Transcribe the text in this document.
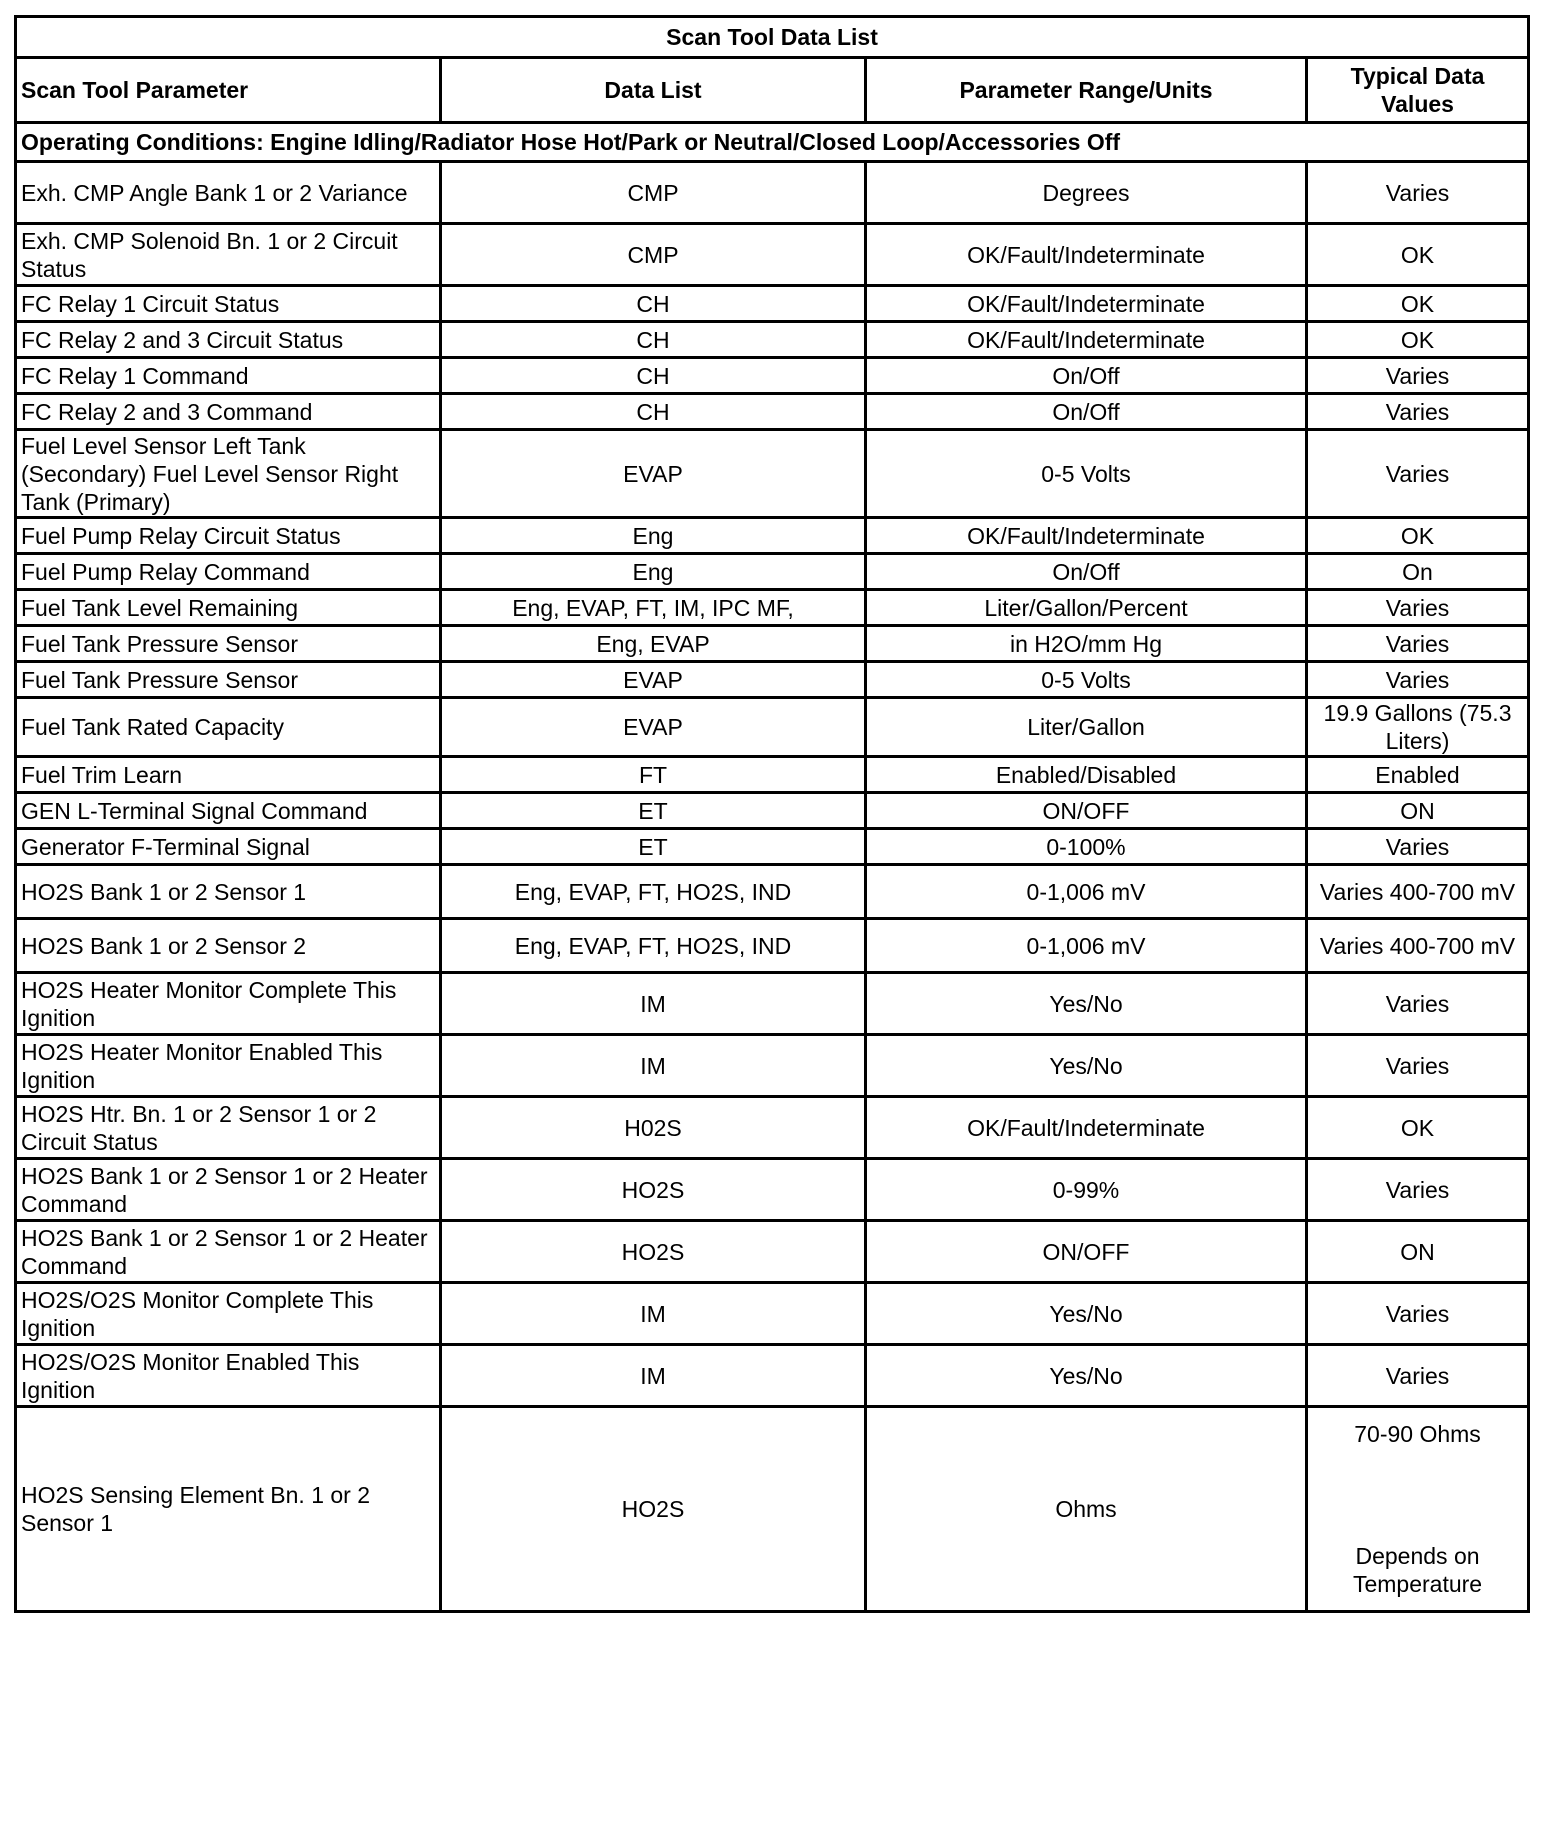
Scan Tool Data List			
Scan Tool Parameter	Data List	Parameter Range/Units	Typical Data Values
Operating Conditions: Engine Idling/Radiator Hose Hot/Park or Neutral/Closed Loop/Accessories Off			
Exh. CMP Angle Bank 1 or 2 Variance	CMP	Degrees	Varies
Exh. CMP Solenoid Bn. 1 or 2 Circuit Status	CMP	OK/Fault/Indeterminate	OK
FC Relay 1 Circuit Status	CH	OK/Fault/Indeterminate	OK
FC Relay 2 and 3 Circuit Status	CH	OK/Fault/Indeterminate	OK
FC Relay 1 Command	CH	On/Off	Varies
FC Relay 2 and 3 Command	CH	On/Off	Varies
Fuel Level Sensor Left Tank (Secondary) Fuel Level Sensor Right Tank (Primary)	EVAP	0-5 Volts	Varies
Fuel Pump Relay Circuit Status	Eng	OK/Fault/Indeterminate	OK
Fuel Pump Relay Command	Eng	On/Off	On
Fuel Tank Level Remaining	Eng, EVAP, FT, IM, IPC MF,	Liter/Gallon/Percent	Varies
Fuel Tank Pressure Sensor	Eng, EVAP	in H2O/mm Hg	Varies
Fuel Tank Pressure Sensor	EVAP	0-5 Volts	Varies
Fuel Tank Rated Capacity	EVAP	Liter/Gallon	19.9 Gallons (75.3 Liters)
Fuel Trim Learn	FT	Enabled/Disabled	Enabled
GEN L-Terminal Signal Command	ET	ON/OFF	ON
Generator F-Terminal Signal	ET	0-100%	Varies
HO2S Bank 1 or 2 Sensor 1	Eng, EVAP, FT, HO2S, IND	0-1,006 mV	Varies 400-700 mV
HO2S Bank 1 or 2 Sensor 2	Eng, EVAP, FT, HO2S, IND	0-1,006 mV	Varies 400-700 mV
HO2S Heater Monitor Complete This Ignition	IM	Yes/No	Varies
HO2S Heater Monitor Enabled This Ignition	IM	Yes/No	Varies
HO2S Htr. Bn. 1 or 2 Sensor 1 or 2 Circuit Status	H02S	OK/Fault/Indeterminate	OK
HO2S Bank 1 or 2 Sensor 1 or 2 Heater Command	HO2S	0-99%	Varies
HO2S Bank 1 or 2 Sensor 1 or 2 Heater Command	HO2S	ON/OFF	ON
HO2S/O2S Monitor Complete This Ignition	IM	Yes/No	Varies
HO2S/O2S Monitor Enabled This Ignition	IM	Yes/No	Varies
HO2S Sensing Element Bn. 1 or 2 Sensor 1	HO2S	Ohms	70-90 Ohms
Depends on Temperature
